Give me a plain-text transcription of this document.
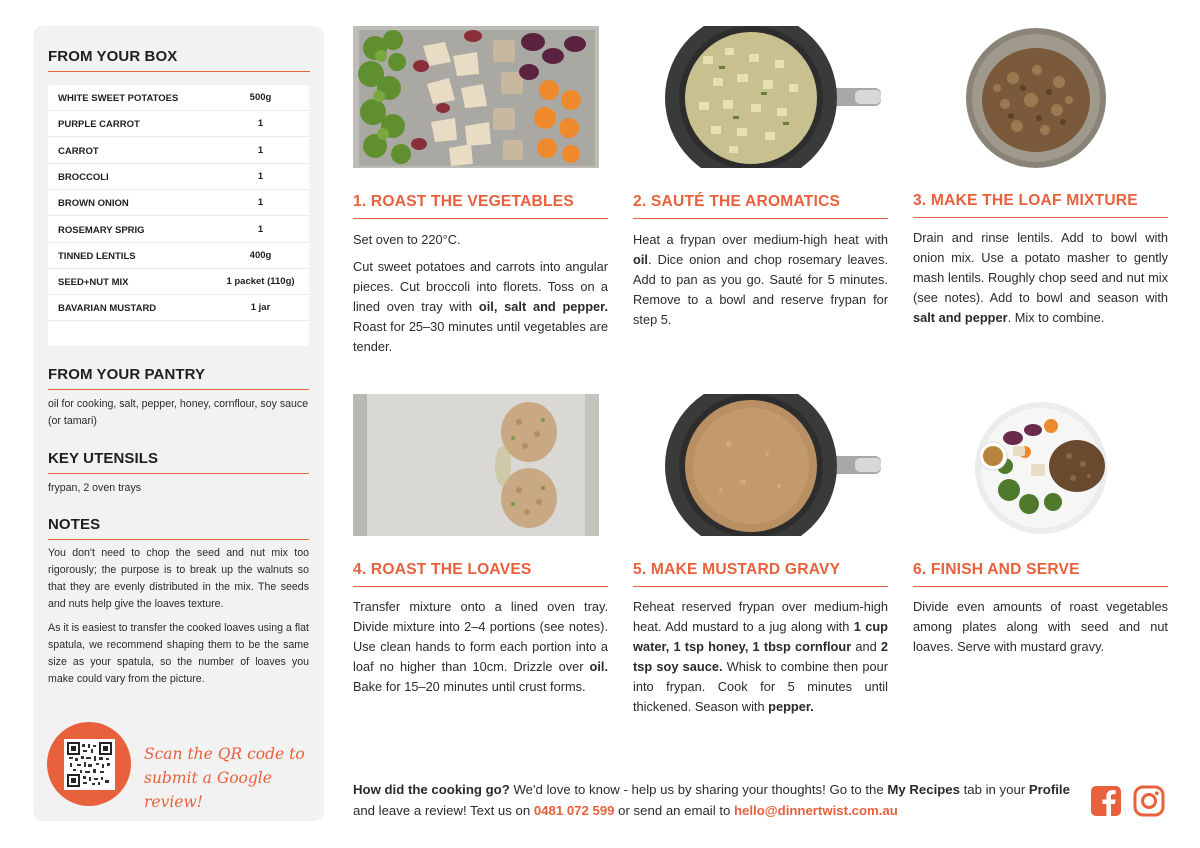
FROM YOUR BOX
WHITE SWEET POTATOES	500g
PURPLE CARROT	1
CARROT	1
BROCCOLI	1
BROWN ONION	1
ROSEMARY SPRIG	1
TINNED LENTILS	400g
SEED+NUT MIX	1 packet (110g)
BAVARIAN MUSTARD	1 jar
FROM YOUR PANTRY
oil for cooking, salt, pepper, honey, cornflour, soy sauce (or tamari)
KEY UTENSILS
frypan, 2 oven trays
NOTES
You don't need to chop the seed and nut mix too rigorously; the purpose is to break up the walnuts so that they are evenly distributed in the mix. The seeds and nuts help give the loaves texture.
As it is easiest to transfer the cooked loaves using a flat spatula, we recommend shaping them to be the same size as your spatula, so the number of loaves you make could vary from the picture.
Scan the QR code to
submit a Google review!
1. ROAST THE VEGETABLES

Set oven to 220°C.

Cut sweet potatoes and carrots into angular pieces. Cut broccoli into florets. Toss on a lined oven tray with oil, salt and pepper. Roast for 25–30 minutes until vegetables are tender.

2. SAUTÉ THE AROMATICS

Heat a frypan over medium-high heat with oil. Dice onion and chop rosemary leaves. Add to pan as you go. Sauté for 5 minutes. Remove to a bowl and reserve frypan for step 5.

3. MAKE THE LOAF MIXTURE

Drain and rinse lentils. Add to bowl with onion mix. Use a potato masher to gently mash lentils. Roughly chop seed and nut mix (see notes). Add to bowl and season with salt and pepper. Mix to combine.

4. ROAST THE LOAVES

Transfer mixture onto a lined oven tray. Divide mixture into 2–4 portions (see notes). Use clean hands to form each portion into a loaf no higher than 10cm. Drizzle over oil. Bake for 15–20 minutes until crust forms.

5. MAKE MUSTARD GRAVY

Reheat reserved frypan over medium-high heat. Add mustard to a jug along with 1 cup water, 1 tsp honey, 1 tbsp cornflour and 2 tsp soy sauce. Whisk to combine then pour into frypan. Cook for 5 minutes until thickened. Season with pepper.

6. FINISH AND SERVE

Divide even amounts of roast vegetables among plates along with seed and nut loaves. Serve with mustard gravy.

How did the cooking go? We'd love to know - help us by sharing your thoughts! Go to the My Recipes tab in your Profile and leave a review! Text us on 0481 072 599 or send an email to hello@dinnertwist.com.au
